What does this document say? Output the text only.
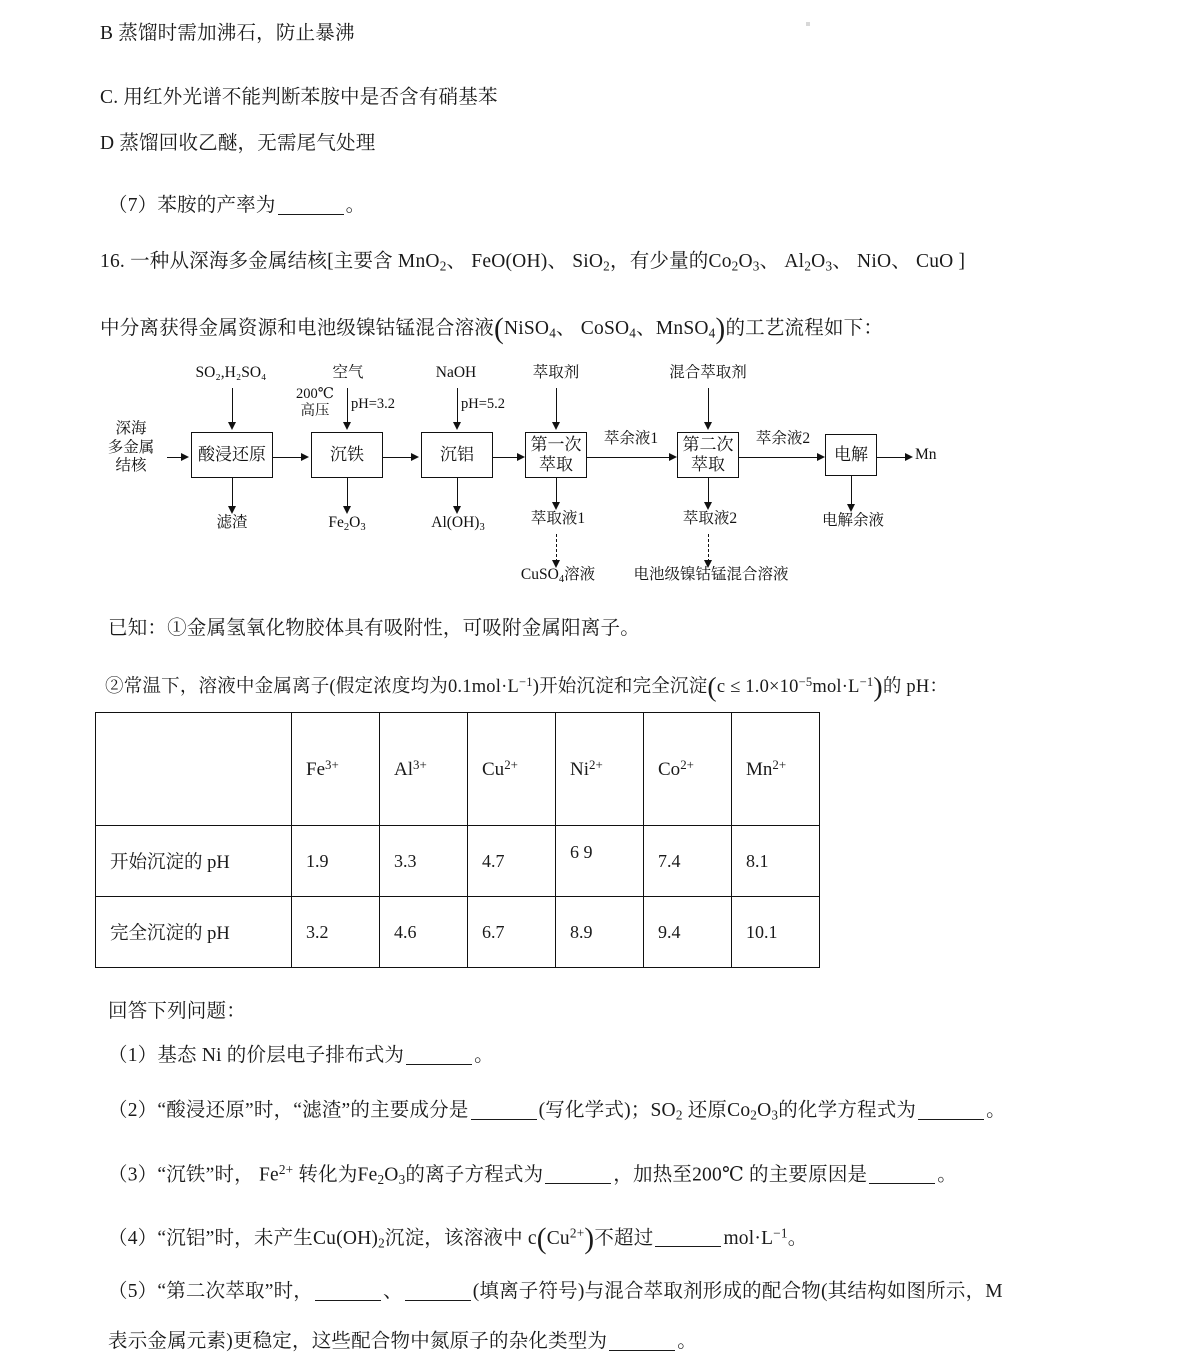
B 蒸馏时需加沸石，防止暴沸
C. 用红外光谱不能判断苯胺中是否含有硝基苯
D 蒸馏回收乙醚，无需尾气处理
（7）苯胺的产率为	。
16. 一种从深海多金属结核[主要含 MnO$_2$、 FeO(OH)、 SiO$_2$，有少量的$Co_2O_3$、 $Al_2O_3$、 NiO、 CuO ]
中分离获得金属资源和电池级镍钴锰混合溶液(NiSO$_4$、 CoSO$_4$、MnSO$_4$)的工艺流程如下：
深海
多金属
结核
酸浸还原
SO₂,H₂SO₄
滤渣
沉铁
空气
200℃
高压	pH=3.2
$Fe_2O_3$
沉铝
NaOH
pH=5.2
$Al(OH)_3$
第一次
萃取
萃取剂
萃取液1
CuSO$_4$溶液
萃余液1	第二次
萃取
混合萃取剂
萃取液2
电池级镍钴锰混合溶液
萃余液2
电解	Mn
电解余液
已知：①金属氢氧化物胶体具有吸附性，可吸附金属阳离子。
②常温下，溶液中金属离子(假定浓度均为$0.1mol\cdot L^{-1}$)开始沉淀和完全沉淀$(c \le 1.0\times 10^{-5}mol\cdot L^{-1})$的 pH：
	$Fe^{3+}$	$Al^{3+}$	$Cu^{2+}$	$Ni^{2+}$	$Co^{2+}$	$Mn^{2+}$
开始沉淀的 pH	1.9	3.3	4.7	6 9	7.4	8.1
完全沉淀的 pH	3.2	4.6	6.7	8.9	9.4	10.1
回答下列问题：
（1）基态 Ni 的价层电子排布式为	。
（2）“酸浸还原”时，“滤渣”的主要成分是	(写化学式)；$SO_2$ 还原$Co_2O_3$的化学方程式为	。
（3）“沉铁”时， $Fe^{2+}$ 转化为$Fe_2O_3$的离子方程式为	，加热至200℃ 的主要原因是	。
（4）“沉铝”时，未产生$Cu(OH)_2$沉淀，该溶液中 $c(Cu^{2+})$不超过	$mol\cdot L^{-1}$。
（5）“第二次萃取”时，	、	(填离子符号)与混合萃取剂形成的配合物(其结构如图所示，M
表示金属元素)更稳定，这些配合物中氮原子的杂化类型为	。
